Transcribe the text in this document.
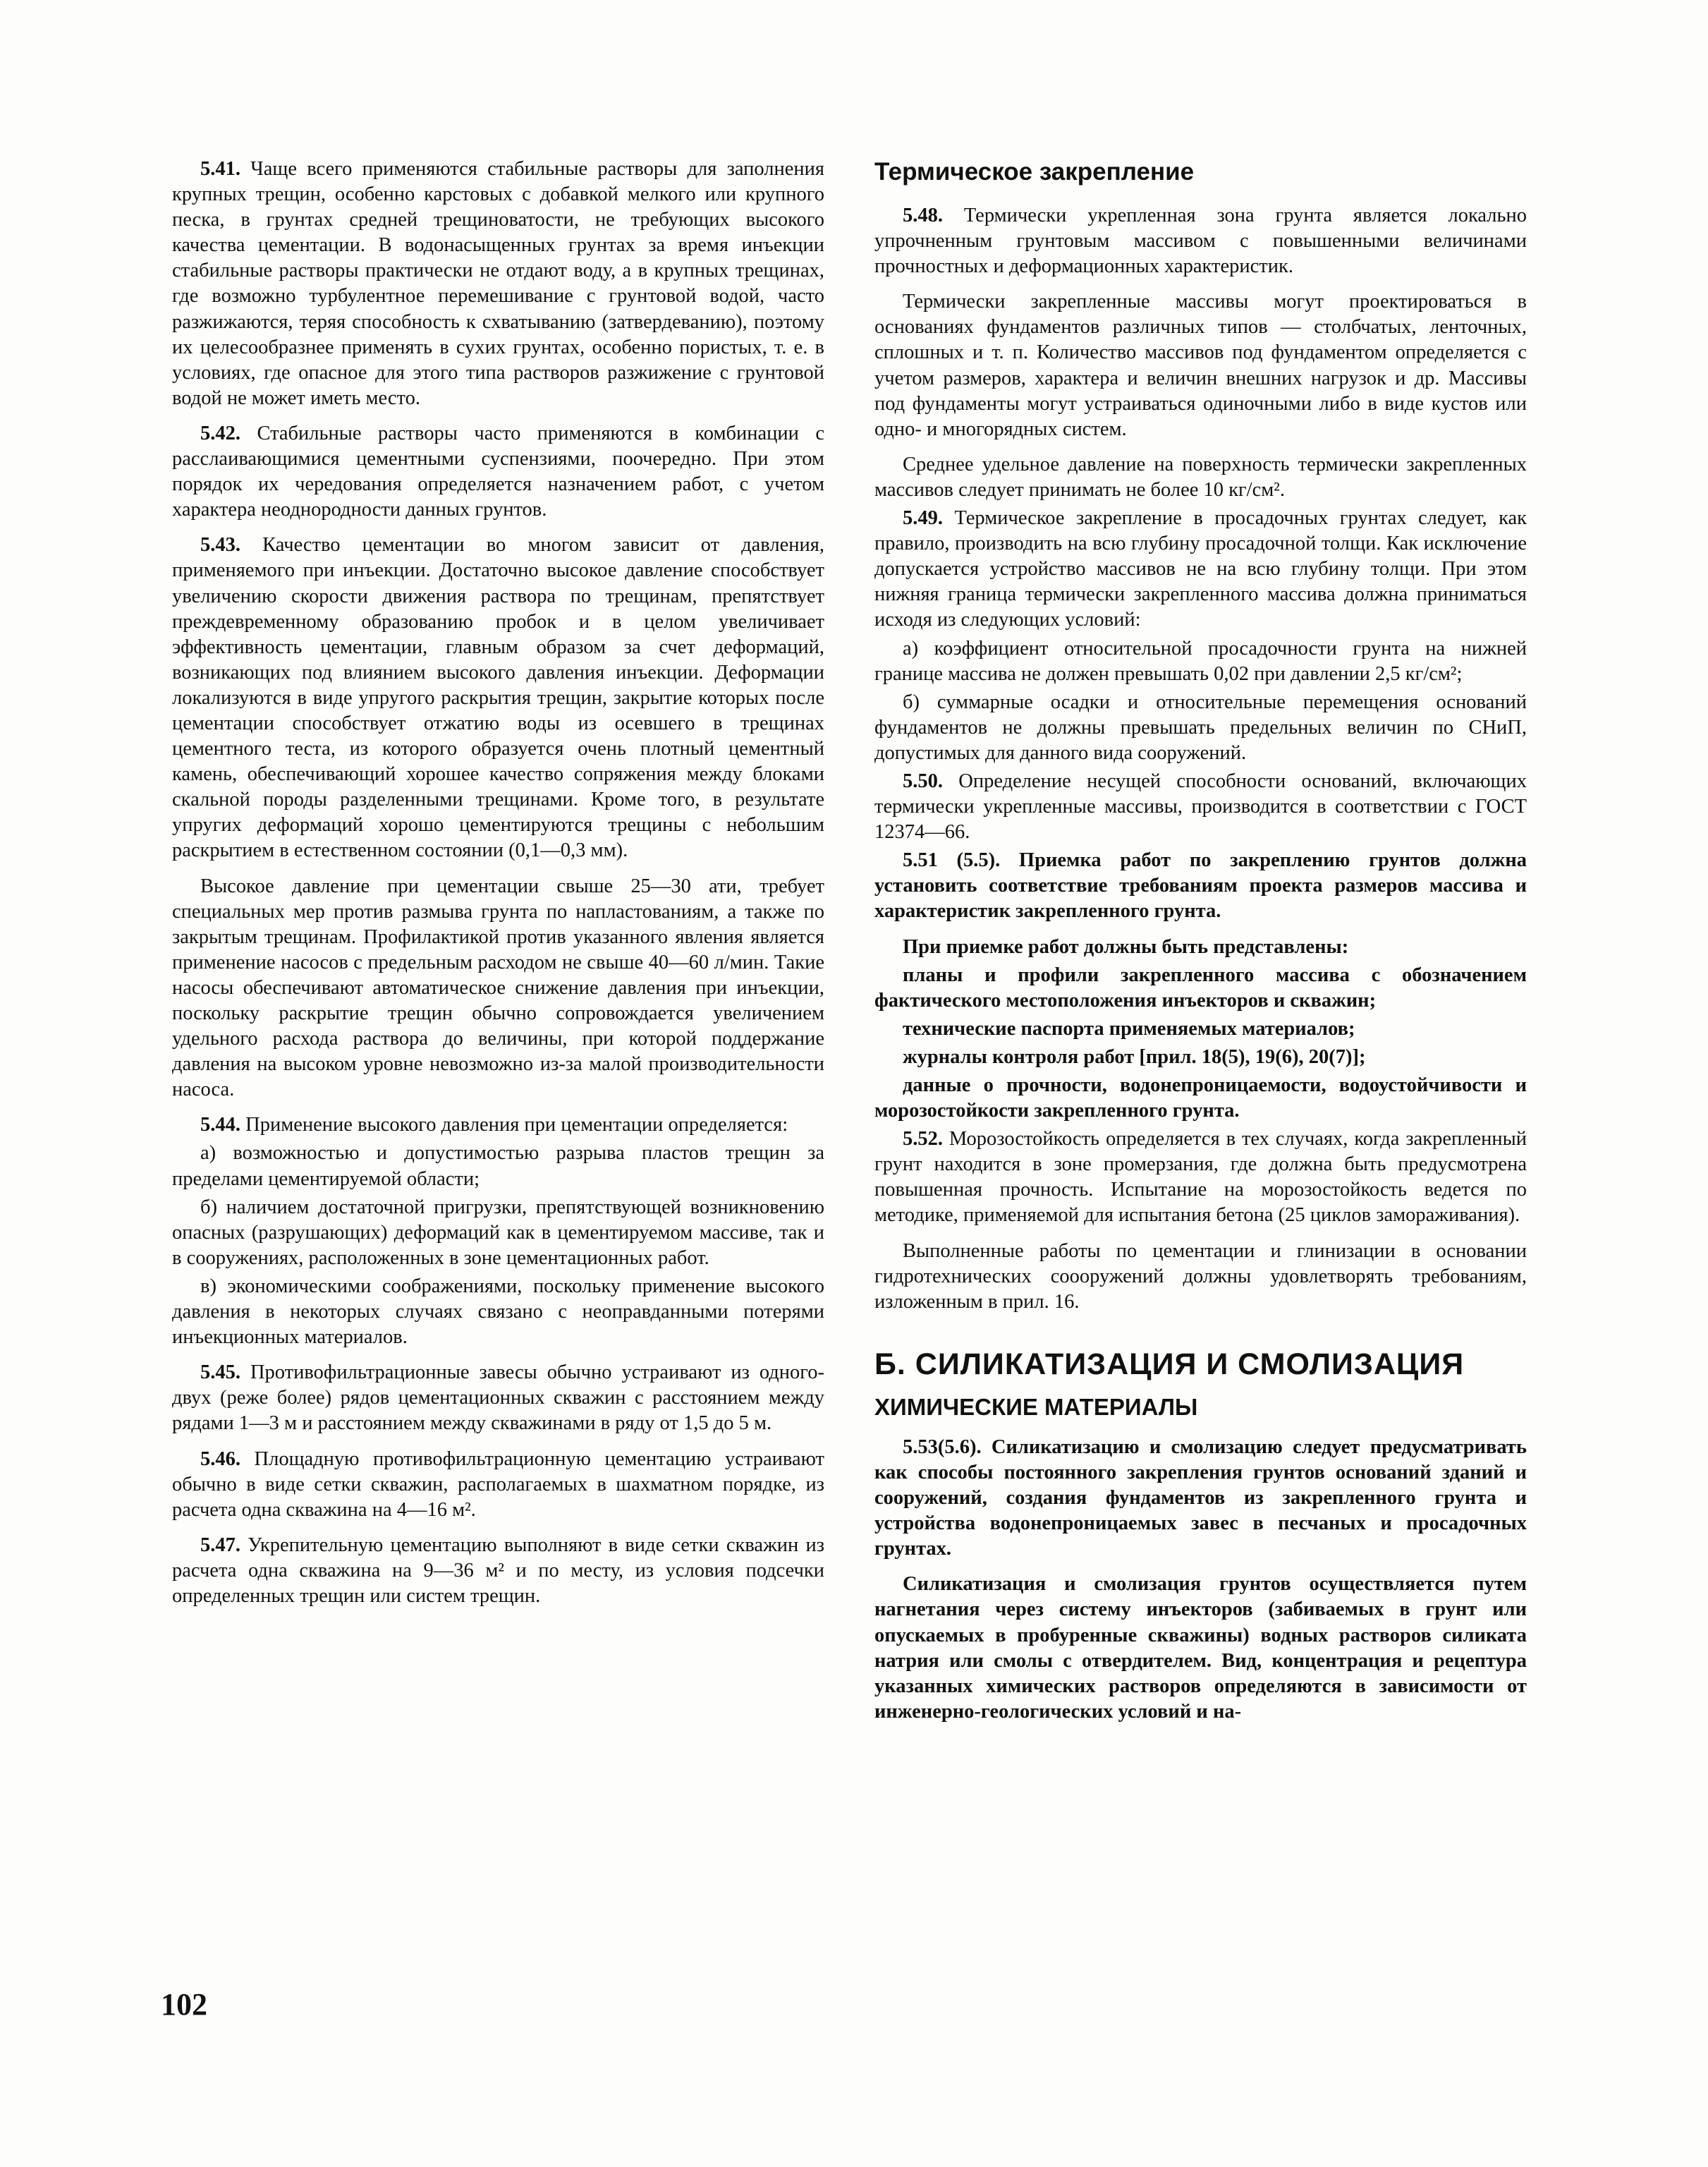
5.41. Чаще всего применяются стабильные растворы для заполнения крупных трещин, особенно карстовых с добавкой мелкого или крупного песка, в грунтах средней трещиноватости, не требующих высокого качества цементации. В водонасыщенных грунтах за время инъекции стабильные растворы практически не отдают воду, а в крупных трещинах, где возможно турбулентное перемешивание с грунтовой водой, часто разжижаются, теряя способность к схватыванию (затвердеванию), поэтому их целесообразнее применять в сухих грунтах, особенно пористых, т. е. в условиях, где опасное для этого типа растворов разжижение с грунтовой водой не может иметь место.

5.42. Стабильные растворы часто применяются в комбинации с расслаивающимися цементными суспензиями, поочередно. При этом порядок их чередования определяется назначением работ, с учетом характера неоднородности данных грунтов.

5.43. Качество цементации во многом зависит от давления, применяемого при инъекции. Достаточно высокое давление способствует увеличению скорости движения раствора по трещинам, препятствует преждевременному образованию пробок и в целом увеличивает эффективность цементации, главным образом за счет деформаций, возникающих под влиянием высокого давления инъекции. Деформации локализуются в виде упругого раскрытия трещин, закрытие которых после цементации способствует отжатию воды из осевшего в трещинах цементного теста, из которого образуется очень плотный цементный камень, обеспечивающий хорошее качество сопряжения между блоками скальной породы разделенными трещинами. Кроме того, в результате упругих деформаций хорошо цементируются трещины с небольшим раскрытием в естественном состоянии (0,1—0,3 мм).

Высокое давление при цементации свыше 25—30 ати, требует специальных мер против размыва грунта по напластованиям, а также по закрытым трещинам. Профилактикой против указанного явления является применение насосов с предельным расходом не свыше 40—60 л/мин. Такие насосы обеспечивают автоматическое снижение давления при инъекции, поскольку раскрытие трещин обычно сопровождается увеличением удельного расхода раствора до величины, при которой поддержание давления на высоком уровне невозможно из-за малой производительности насоса.

5.44. Применение высокого давления при цементации определяется:

а) возможностью и допустимостью разрыва пластов трещин за пределами цементируемой области;

б) наличием достаточной пригрузки, препятствующей возникновению опасных (разрушающих) деформаций как в цементируемом массиве, так и в сооружениях, расположенных в зоне цементационных работ.

в) экономическими соображениями, поскольку применение высокого давления в некоторых случаях связано с неоправданными потерями инъекционных материалов.

5.45. Противофильтрационные завесы обычно устраивают из одного-двух (реже более) рядов цементационных скважин с расстоянием между рядами 1—3 м и расстоянием между скважинами в ряду от 1,5 до 5 м.

5.46. Площадную противофильтрационную цементацию устраивают обычно в виде сетки скважин, располагаемых в шахматном порядке, из расчета одна скважина на 4—16 м².

5.47. Укрепительную цементацию выполняют в виде сетки скважин из расчета одна скважина на 9—36 м² и по месту, из условия подсечки определенных трещин или систем трещин.

Термическое закрепление

5.48. Термически укрепленная зона грунта является локально упрочненным грунтовым массивом с повышенными величинами прочностных и деформационных характеристик.

Термически закрепленные массивы могут проектироваться в основаниях фундаментов различных типов — столбчатых, ленточных, сплошных и т. п. Количество массивов под фундаментом определяется с учетом размеров, характера и величин внешних нагрузок и др. Массивы под фундаменты могут устраиваться одиночными либо в виде кустов или одно- и многорядных систем.

Среднее удельное давление на поверхность термически закрепленных массивов следует принимать не более 10 кг/см².

5.49. Термическое закрепление в просадочных грунтах следует, как правило, производить на всю глубину просадочной толщи. Как исключение допускается устройство массивов не на всю глубину толщи. При этом нижняя граница термически закрепленного массива должна приниматься исходя из следующих условий:

а) коэффициент относительной просадочности грунта на нижней границе массива не должен превышать 0,02 при давлении 2,5 кг/см²;

б) суммарные осадки и относительные перемещения оснований фундаментов не должны превышать предельных величин по СНиП, допустимых для данного вида сооружений.

5.50. Определение несущей способности оснований, включающих термически укрепленные массивы, производится в соответствии с ГОСТ 12374—66.

5.51 (5.5). Приемка работ по закреплению грунтов должна установить соответствие требованиям проекта размеров массива и характеристик закрепленного грунта.

При приемке работ должны быть представлены:

планы и профили закрепленного массива с обозначением фактического местоположения инъекторов и скважин;

технические паспорта применяемых материалов;

журналы контроля работ [прил. 18(5), 19(6), 20(7)];

данные о прочности, водонепроницаемости, водоустойчивости и морозостойкости закрепленного грунта.

5.52. Морозостойкость определяется в тех случаях, когда закрепленный грунт находится в зоне промерзания, где должна быть предусмотрена повышенная прочность. Испытание на морозостойкость ведется по методике, применяемой для испытания бетона (25 циклов замораживания).

Выполненные работы по цементации и глинизации в основании гидротехнических соооружений должны удовлетворять требованиям, изложенным в прил. 16.

Б. СИЛИКАТИЗАЦИЯ И СМОЛИЗАЦИЯ
ХИМИЧЕСКИЕ МАТЕРИАЛЫ

5.53(5.6). Силикатизацию и смолизацию следует предусматривать как способы постоянного закрепления грунтов оснований зданий и сооружений, создания фундаментов из закрепленного грунта и устройства водонепроницаемых завес в песчаных и просадочных грунтах.

Силикатизация и смолизация грунтов осуществляется путем нагнетания через систему инъекторов (забиваемых в грунт или опускаемых в пробуренные скважины) водных растворов силиката натрия или смолы с отвердителем. Вид, концентрация и рецептура указанных химических растворов определяются в зависимости от инженерно-геологических условий и на-

102
